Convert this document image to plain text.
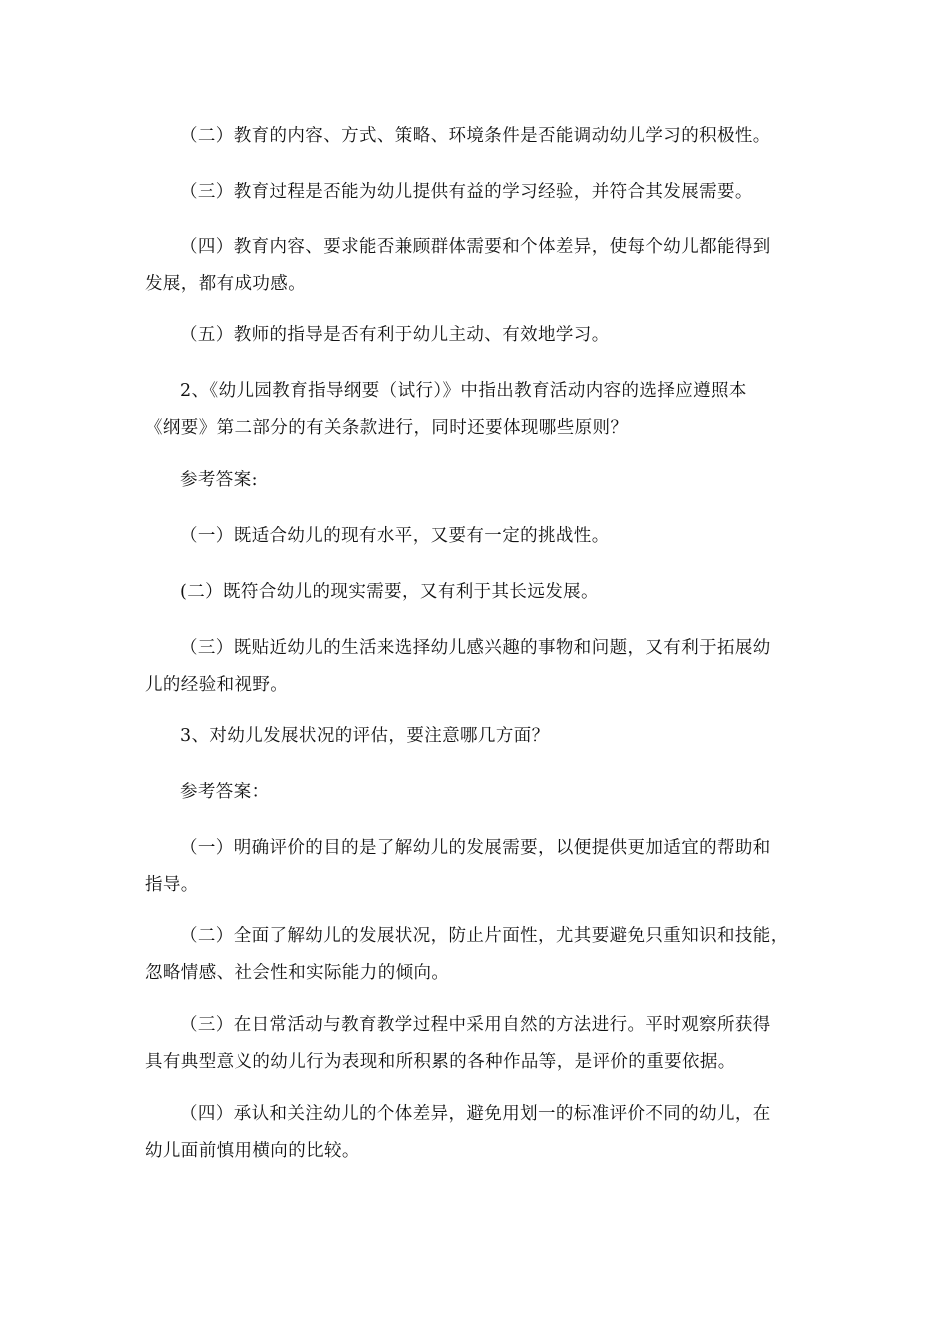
（二）教育的内容、方式、策略、环境条件是否能调动幼儿学习的积极性。

（三）教育过程是否能为幼儿提供有益的学习经验，并符合其发展需要。

（四）教育内容、要求能否兼顾群体需要和个体差异，使每个幼儿都能得到
发展，都有成功感。

（五）教师的指导是否有利于幼儿主动、有效地学习。

2、《幼儿园教育指导纲要（试行）》中指出教育活动内容的选择应遵照本
《纲要》第二部分的有关条款进行，同时还要体现哪些原则？

参考答案:

（一）既适合幼儿的现有水平，又要有一定的挑战性。

(二）既符合幼儿的现实需要，又有利于其长远发展。

（三）既贴近幼儿的生活来选择幼儿感兴趣的事物和问题，又有利于拓展幼
儿的经验和视野。

3、对幼儿发展状况的评估，要注意哪几方面？

参考答案：

（一）明确评价的目的是了解幼儿的发展需要，以便提供更加适宜的帮助和
指导。

（二）全面了解幼儿的发展状况，防止片面性，尤其要避免只重知识和技能，
忽略情感、社会性和实际能力的倾向。

（三）在日常活动与教育教学过程中采用自然的方法进行。平时观察所获得
具有典型意义的幼儿行为表现和所积累的各种作品等，是评价的重要依据。

（四）承认和关注幼儿的个体差异，避免用划一的标准评价不同的幼儿，在
幼儿面前慎用横向的比较。
